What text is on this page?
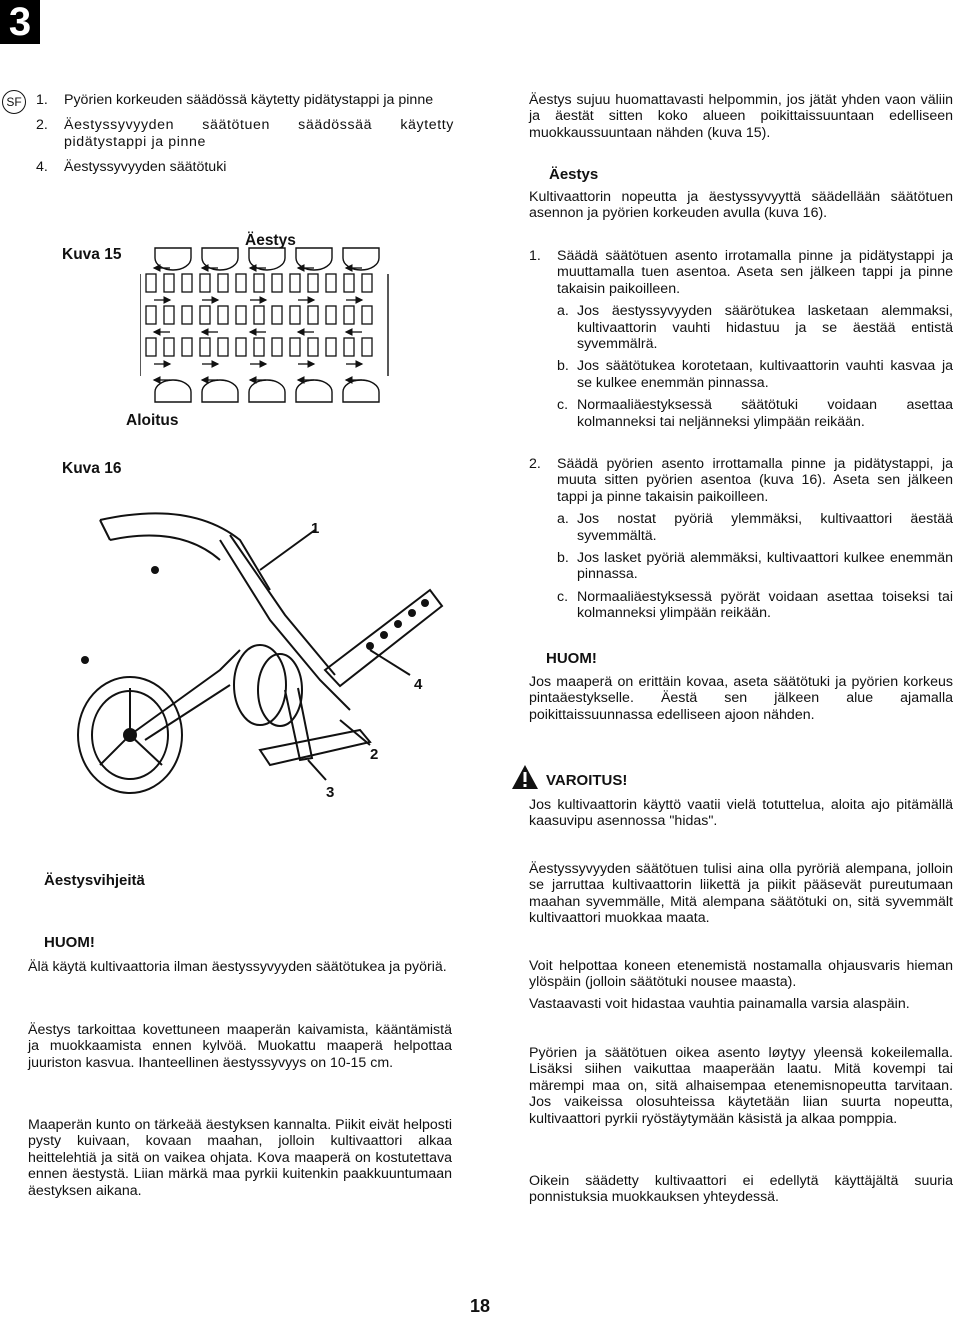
3
SF	1.	Pyörien korkeuden säädössä käytetty pidätystappi ja pinne
2.	Äestyssyvyyden säätötuen säädössää käytetty pidätystappi ja pinne
4.	Äestyssyvyyden säätötuki
Kuva 15
Äestys
Aloitus
Kuva 16
1
4
2
3
Äestys sujuu huomattavasti helpommin, jos jätät yhden vaon väliin ja äestät sitten koko alueen poikittaissuuntaan edelliseen muokkaussuuntaan nähden (kuva 15).
Äestys
Kultivaattorin nopeutta ja äestyssyvyyttä säädellään säätötuen asennon ja pyörien korkeuden avulla (kuva 16).
1.	Säädä säätötuen asento irrotamalla pinne ja pidätystappi ja muuttamalla tuen asentoa. Aseta sen jälkeen tappi ja pinne takaisin paikoilleen.
a. Jos äestyssyvyyden säärötukea lasketaan alemmaksi, kultivaattorin vauhti hidastuu ja se äestää entistä syvemmälrä.
b. Jos säätötukea korotetaan, kultivaattorin vauhti kasvaa ja se kulkee enemmän pinnassa.
c. Normaaliäestyksessä säätötuki voidaan asettaa kolmanneksi tai neljänneksi ylimpään reikään.
2.	Säädä pyörien asento irrottamalla pinne ja pidätystappi, ja muuta sitten pyörien asentoa (kuva 16). Aseta sen jälkeen tappi ja pinne takaisin paikoilleen.
a. Jos nostat pyöriä ylemmäksi, kultivaattori äestää syvemmältä.
b. Jos lasket pyöriä alemmäksi, kultivaattori kulkee enemmän pinnassa.
c. Normaaliäestyksessä pyörät voidaan asettaa toiseksi tai kolmanneksi ylimpään reikään.
HUOM!
Jos maaperä on erittäin kovaa, aseta säätötuki ja pyörien korkeus pintaäestykselle. Äestä sen jälkeen alue ajamalla poikittaissuunnassa edelliseen ajoon nähden.
VAROITUS!
Jos kultivaattorin käyttö vaatii vielä totuttelua, aloita ajo pitämällä kaasuvipu asennossa "hidas".
Äestysvihjeitä
HUOM!
Älä käytä kultivaattoria ilman äestyssyvyyden säätötukea ja pyöriä.
Äestys tarkoittaa kovettuneen maaperän kaivamista, kääntämistä ja muokkaamista ennen kylvöä. Muokattu maaperä helpottaa juuriston kasvua. Ihanteellinen äestyssyvyys on 10-15 cm.
Maaperän kunto on tärkeää äestyksen kannalta. Piikit eivät helposti pysty kuivaan, kovaan maahan, jolloin kultivaattori alkaa heittelehtiä ja sitä on vaikea ohjata. Kova maaperä on kostutettava ennen äestystä. Liian märkä maa pyrkii kuitenkin paakkuuntumaan äestyksen aikana.
Äestyssyvyyden säätötuen tulisi aina olla pyröriä alempana, jolloin se jarruttaa kultivaattorin liikettä ja piikit pääsevät pureutumaan maahan syvemmälle, Mitä alempana säätötuki on, sitä syvemmält kultivaattori muokkaa maata.
Voit helpottaa koneen etenemistä nostamalla ohjausvaris hieman ylöspäin (jolloin säätötuki nousee maasta).
Vastaavasti voit hidastaa vauhtia painamalla varsia alaspäin.
Pyörien ja säätötuen oikea asento løytyy yleensä kokeilemalla. Lisäksi siihen vaikuttaa maaperään laatu. Mitä kovempi tai märempi maa on, sitä alhaisempaa etenemisnopeutta tarvitaan. Jos vaikeissa olosuhteissa käytetään liian suurta nopeutta, kultivaattori pyrkii ryöstäytymään käsistä ja alkaa pomppia.
Oikein säädetty kultivaattori ei edellytä käyttäjältä suuria ponnistuksia muokkauksen yhteydessä.
18
